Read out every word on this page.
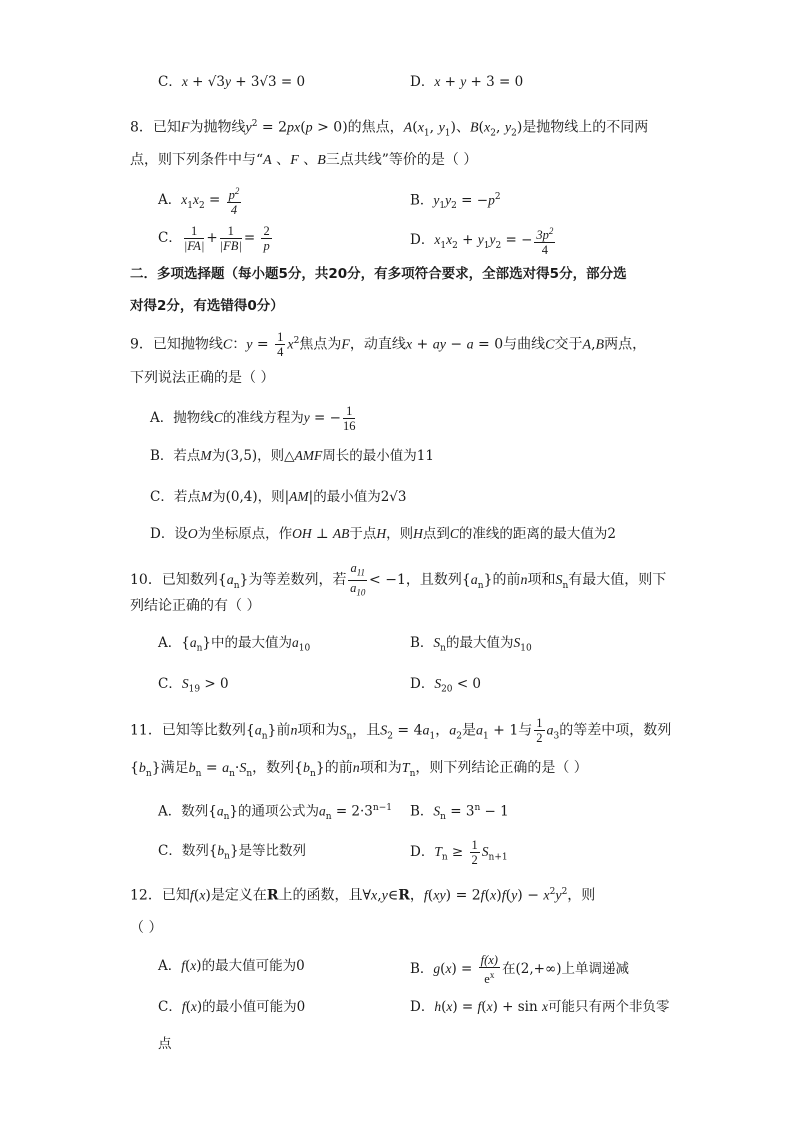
C．x + √3y + 3√3 = 0	D．x + y + 3 = 0
8．已知F为抛物线$y^2 = 2px(p > 0)$的焦点，$A(x_1$, $y_1$)、$B(x_2$, $y_2$)是抛物线上的不同两
点，则下列条件中与“A 、F 、B三点共线”等价的是（ ）
A．$x_1x_2 = \frac{p^2}{4}$	B．$y_1y_2 = -p^2$
C． $\frac{1}{|FA|} + \frac{1}{|FB|} = \frac{2}{p}$	D．$x_1x_2 + y_1y_2$ = − $\frac{3p^2}{4}$
二．多项选择题（每小题5分，共20分，有多项符合要求，全部选对得5分，部分选
对得2分，有选错得0分）
9．已知抛物线C：$y = \frac{1}{4} x^2$焦点为F，动直线x + ay − a = 0与曲线C交于A,B两点，
下列说法正确的是（ ）
A．抛物线C的准线方程为y = − $\frac{1}{16}$
B．若点M为(3,5)，则△AMF周长的最小值为11
C．若点M为(0,4)，则|AM|的最小值为2√3
D．设O为坐标原点，作OH ⊥ AB于点H，则H点到C的准线的距离的最大值为2
10．已知数列$\{a_n\}$为等差数列，若 $\frac{a_{11}}{a_{10}} < -1$，且数列$\{a_n\}$的前n项和$S_n$有最大值，则下
列结论正确的有（ ）
A．$\{a_n\}$中的最大值为$a_{10}$	B．$S_n$的最大值为$S_{10}$
C．$S_{19} > 0$	D．$S_{20} < 0$
11．已知等比数列$\{a_n\}$前n项和为$S_n$，且$S_2 = 4a_1$，$a_2$是$a_1 + 1$与 $\frac{1}{2} a_3$的等差中项，数列
$\{b_n\}$满足$b_n = a_n\cdot S_n$，数列$\{b_n\}$的前n项和为$T_n$，则下列结论正确的是（ ）
A．数列$\{a_n\}$的通项公式为$a_n = 2\cdot 3^{n-1}$ B．$S_n = 3^n - 1$
C．数列$\{b_n\}$是等比数列	D．$T_n \ge \frac{1}{2} S_{n+1}$
12．已知f(x)是定义在R上的函数，且∀x,y∈R，$f(xy) = 2f(x)f(y) - x^2y^2$，则
（ ）
A．f(x)的最大值可能为0	B．$g(x) = \frac{f(x)}{e^x}$ 在(2,+∞)上单调递减
C．f(x)的最小值可能为0	D．h(x) = f(x) + sin x可能只有两个非负零
点
